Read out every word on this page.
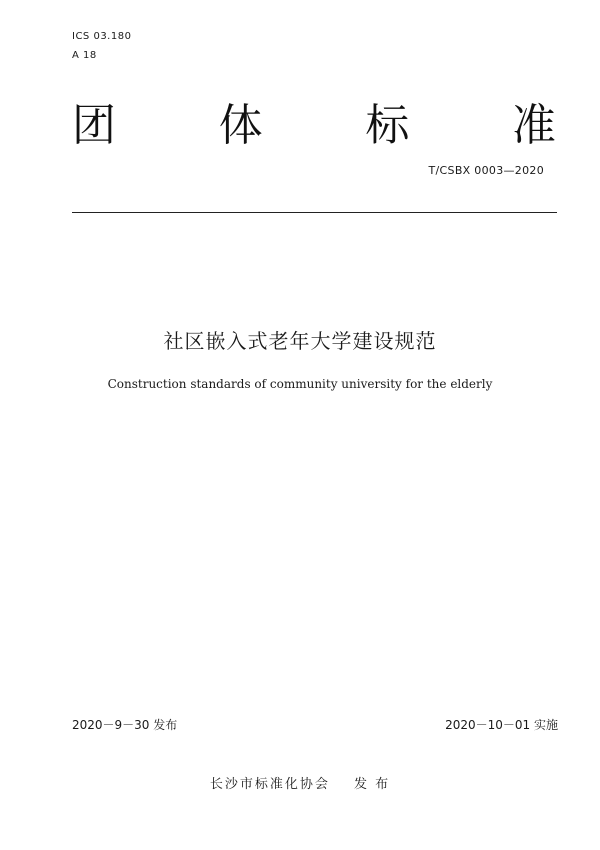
ICS 03.180
A 18
团 体 标 准
T/CSBX 0003—2020
社区嵌入式老年大学建设规范
Construction standards of community university for the elderly
2020－9－30 发布	2020－10－01 实施
长沙市标准化协会 发 布
